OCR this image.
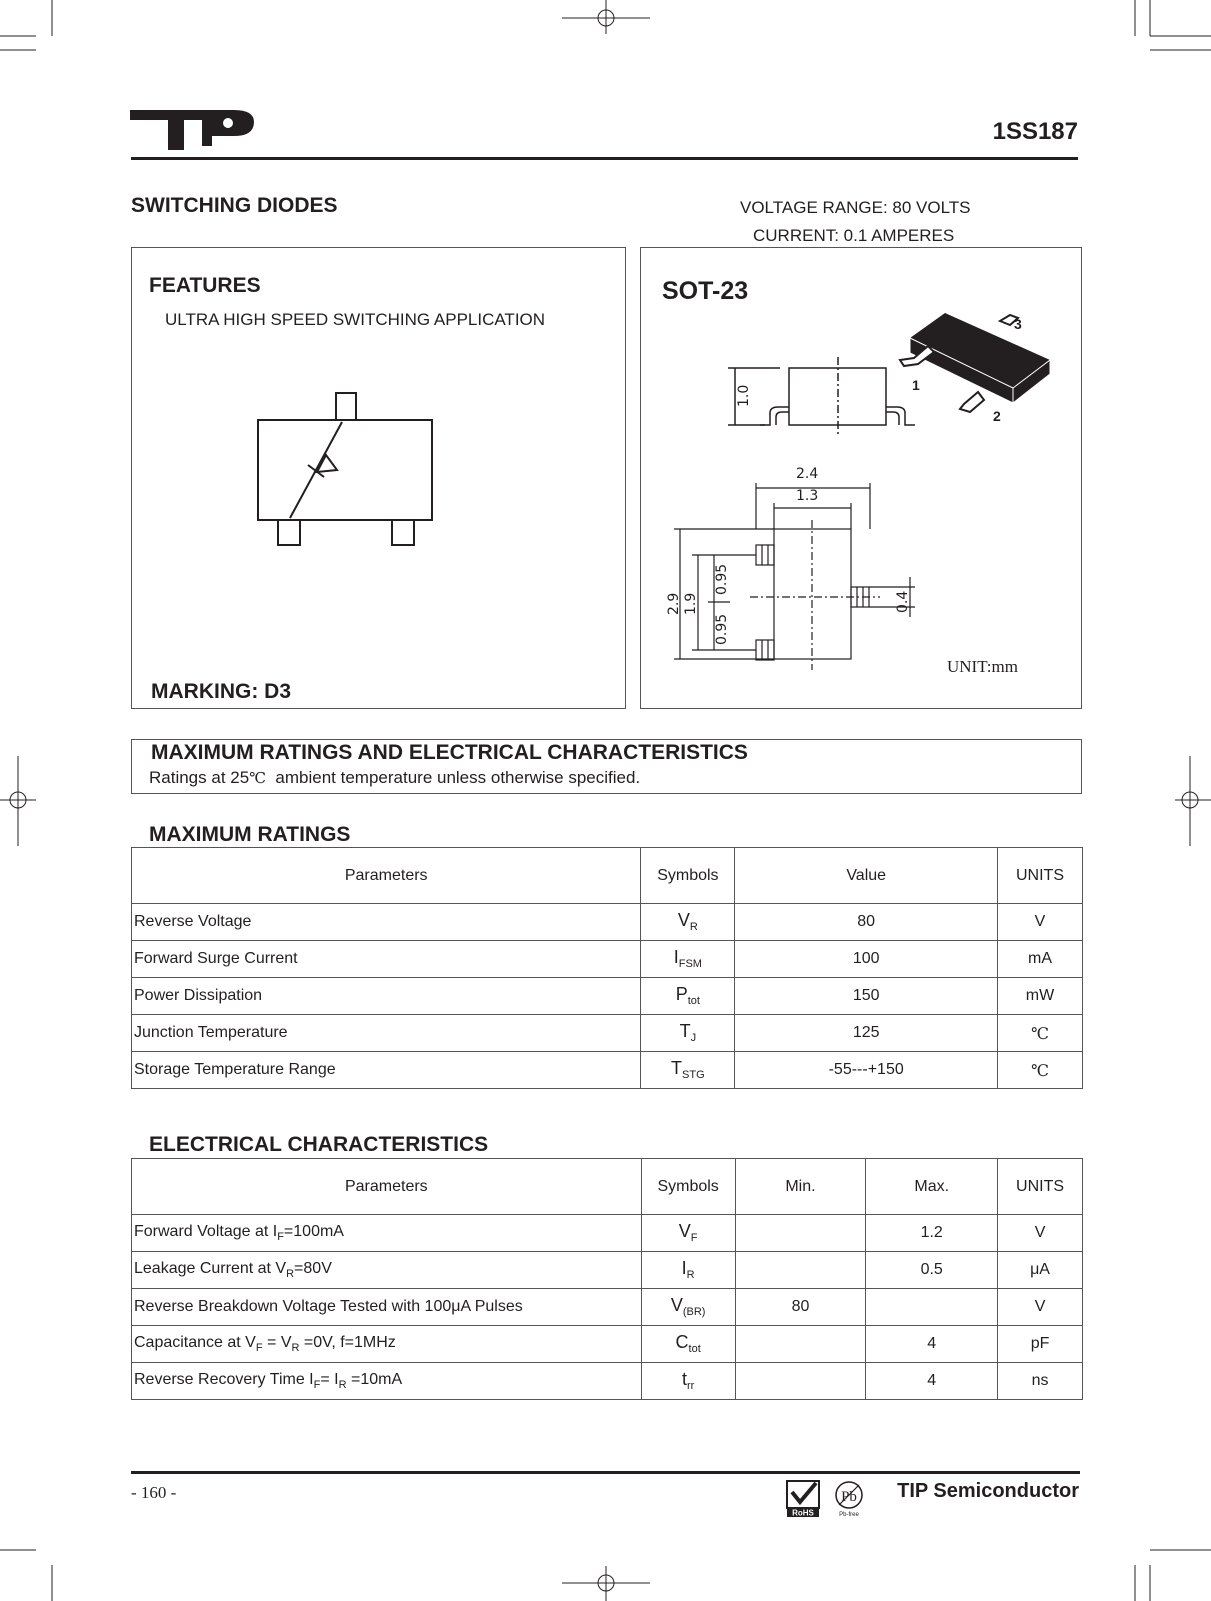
1SS187
SWITCHING DIODES	VOLTAGE RANGE: 80 VOLTS
CURRENT: 0.1 AMPERES
FEATURES
ULTRA HIGH SPEED SWITCHING APPLICATION
MARKING: D3
SOT-23
3
1
2
1.0
2.4
1.3
2.9 1.9
0.95
0.95
0.4
UNIT:mm
MAXIMUM RATINGS AND ELECTRICAL CHARACTERISTICS
Ratings at 25℃  ambient temperature unless otherwise specified.
MAXIMUM RATINGS
Parameters	Symbols	Value	UNITS
Reverse Voltage	$V_R$	80	V
Forward Surge Current	$I_{FSM}$	100	mA
Power Dissipation	$P_{tot}$	150	mW
Junction Temperature	$T_J$	125	℃
Storage Temperature Range	$T_{STG}$	-55---+150	℃
ELECTRICAL CHARACTERISTICS
Parameters	Symbols	Min.	Max.	UNITS
Forward Voltage at $I_F=100mA$	$V_F$		1.2	V
Leakage Current at $V_R=80V$	$I_R$		0.5	μA
Reverse Breakdown Voltage Tested with 100μA Pulses	$V_{(BR)}$	80		V
Capacitance at $V_F = V_R =0V$, f=1MHz	$C_{tot}$		4	pF
Reverse Recovery Time $I_F= I_R =10mA$	$t_{rr}$		4	ns
- 160 -
RoHS
Pb
Pb-free
TIP Semiconductor
